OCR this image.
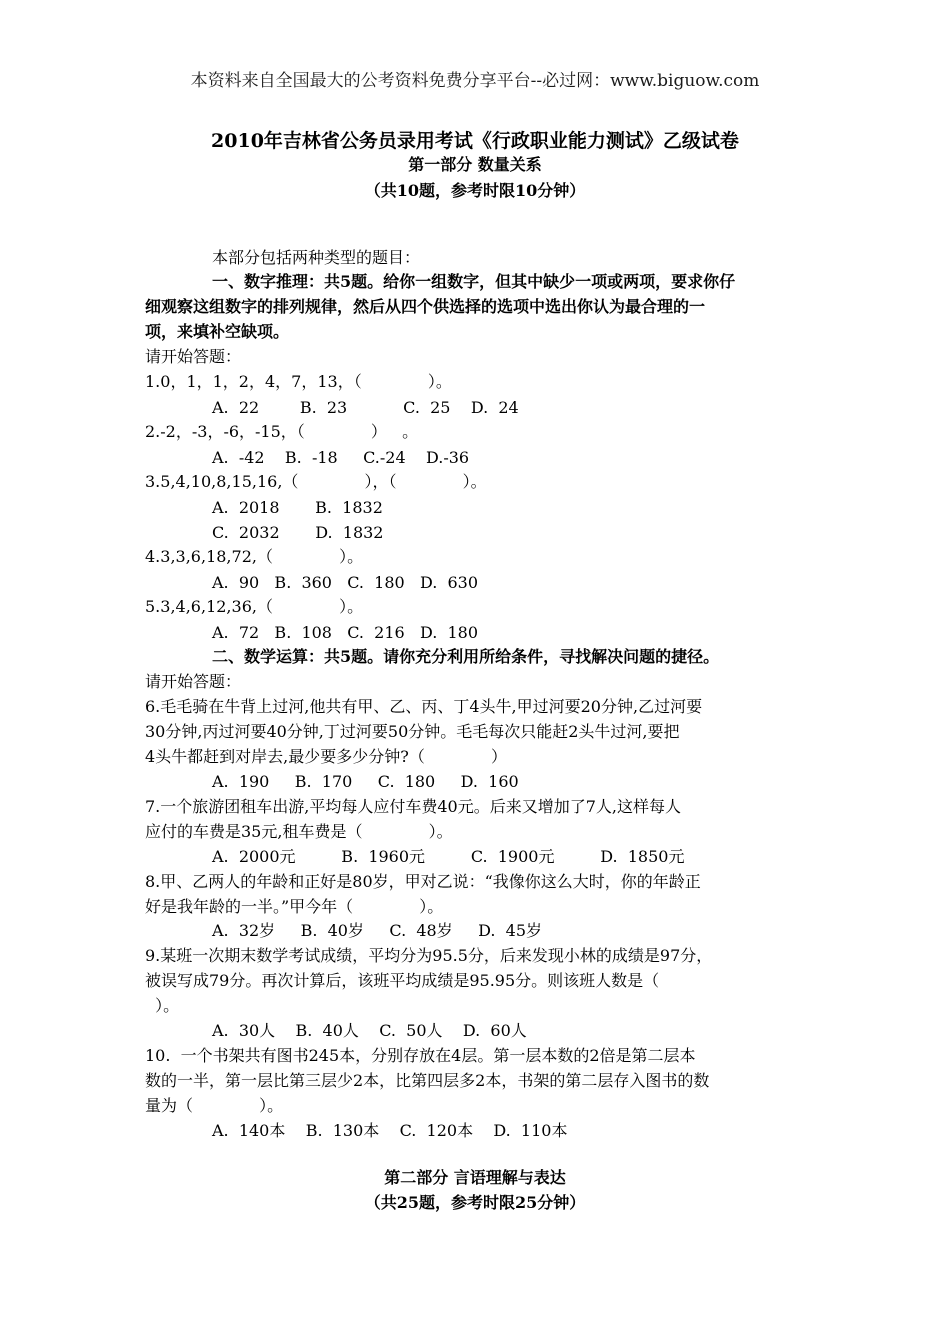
本资料来自全国最大的公考资料免费分享平台--必过网：www.biguow.com
2010年吉林省公务员录用考试《行政职业能力测试》乙级试卷
第一部分 数量关系
（共10题，参考时限10分钟）
本部分包括两种类型的题目：
一、数字推理：共5题。给你一组数字，但其中缺少一项或两项，要求你仔
细观察这组数字的排列规律，然后从四个供选择的选项中选出你认为最合理的一
项，来填补空缺项。
请开始答题：
1.0，1，1，2，4，7，13，（             ）。
A.  22        B.  23           C.  25    D.  24
2.-2，-3，-6，-15，（             ）   。
A.  -42    B.  -18     C.-24    D.-36
3.5,4,10,8,15,16,（             ），（             ）。
A.  2018       B.  1832
C.  2032       D.  1832
4.3,3,6,18,72,（             ）。
A.  90   B.  360   C.  180   D.  630
5.3,4,6,12,36,（             ）。
A.  72   B.  108   C.  216   D.  180
二、数学运算：共5题。请你充分利用所给条件，寻找解决问题的捷径。
请开始答题：
6.毛毛骑在牛背上过河,他共有甲、乙、丙、丁4头牛,甲过河要20分钟,乙过河要
30分钟,丙过河要40分钟,丁过河要50分钟。毛毛每次只能赶2头牛过河,要把
4头牛都赶到对岸去,最少要多少分钟?（             ）
A.  190     B.  170     C.  180     D.  160
7.一个旅游团租车出游,平均每人应付车费40元。后来又增加了7人,这样每人
应付的车费是35元,租车费是（             ）。
A.  2000元         B.  1960元         C.  1900元         D.  1850元
8.甲、乙两人的年龄和正好是80岁，甲对乙说：“我像你这么大时，你的年龄正
好是我年龄的一半。”甲今年（             ）。
A.  32岁     B.  40岁     C.  48岁     D.  45岁
9.某班一次期末数学考试成绩，平均分为95.5分，后来发现小林的成绩是97分，
被误写成79分。再次计算后，该班平均成绩是95.95分。则该班人数是（
）。
A.  30人    B.  40人    C.  50人    D.  60人
10.  一个书架共有图书245本，分别存放在4层。第一层本数的2倍是第二层本
数的一半，第一层比第三层少2本，比第四层多2本，书架的第二层存入图书的数
量为（             ）。
A.  140本    B.  130本    C.  120本    D.  110本
第二部分 言语理解与表达
（共25题，参考时限25分钟）
